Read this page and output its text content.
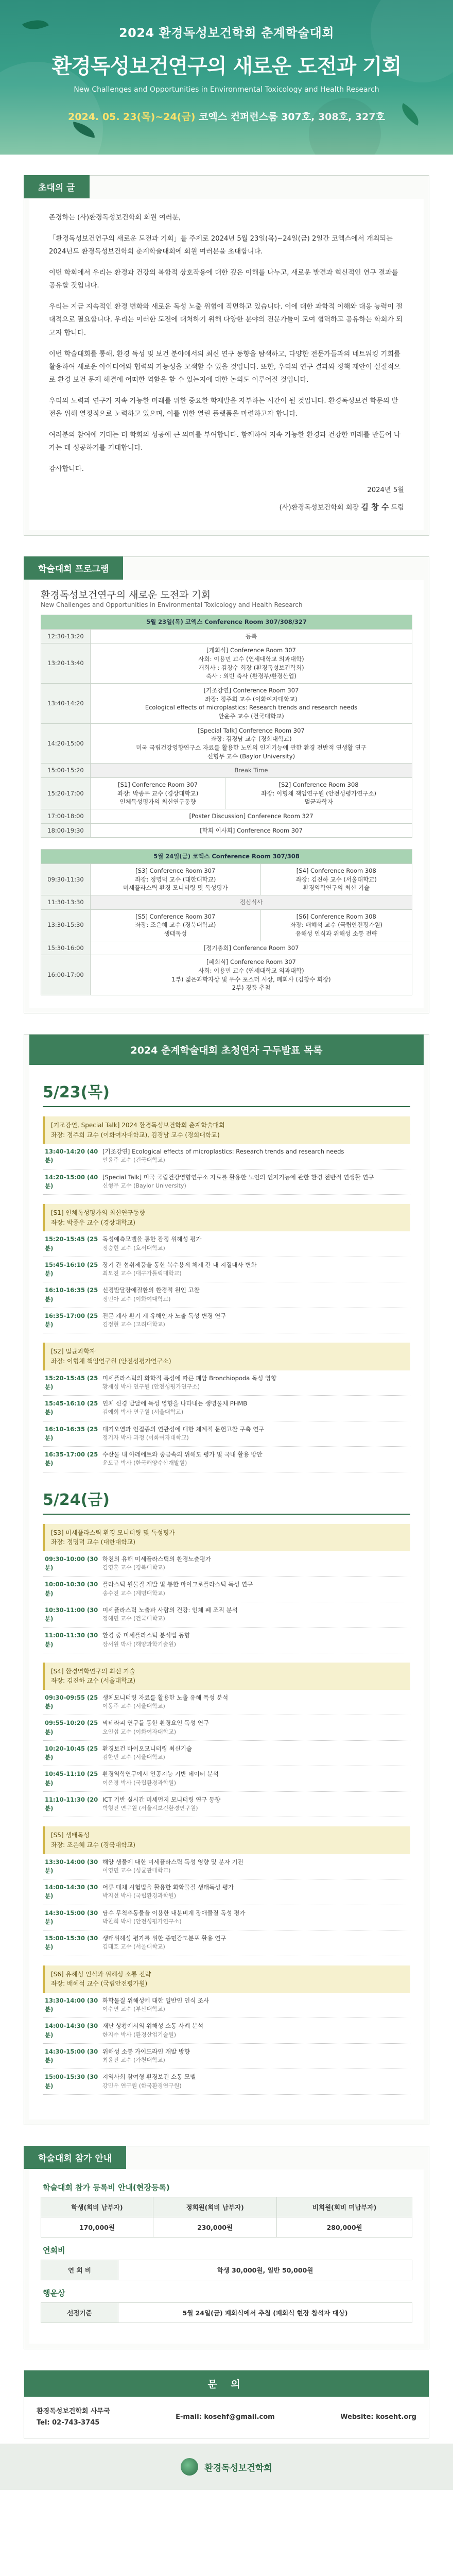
2024 환경독성보건학회 춘계학술대회
환경독성보건연구의 새로운 도전과 기회
New Challenges and Opportunities in Environmental Toxicology and Health Research
2024. 05. 23(목)~24(금) 코엑스 컨퍼런스룸 307호, 308호, 327호
초대의 글

존경하는 (사)환경독성보건학회 회원 여러분,

「환경독성보건연구의 새로운 도전과 기회」를 주제로 2024년 5월 23일(목)~24일(금) 2일간 코엑스에서 개최되는 2024년도 환경독성보건학회 춘계학술대회에 회원 여러분을 초대합니다.

이번 학회에서 우리는 환경과 건강의 복합적 상호작용에 대한 깊은 이해를 나누고, 새로운 발견과 혁신적인 연구 결과를 공유할 것입니다.

우리는 지금 지속적인 환경 변화와 새로운 독성 노출 위협에 직면하고 있습니다. 이에 대한 과학적 이해와 대응 능력이 절대적으로 필요합니다. 우리는 이러한 도전에 대처하기 위해 다양한 분야의 전문가들이 모여 협력하고 공유하는 학회가 되고자 합니다.

이번 학술대회를 통해, 환경 독성 및 보건 분야에서의 최신 연구 동향을 탐색하고, 다양한 전문가들과의 네트워킹 기회를 활용하여 새로운 아이디어와 협력의 가능성을 모색할 수 있을 것입니다. 또한, 우리의 연구 결과와 정책 제안이 실질적으로 환경 보건 문제 해결에 어떠한 역할을 할 수 있는지에 대한 논의도 이루어질 것입니다.

우리의 노력과 연구가 지속 가능한 미래를 위한 중요한 학제발을 자부하는 시간이 될 것입니다. 환경독성보건 학문의 발전을 위해 열정적으로 노력하고 있으며, 이를 위한 열린 플랫폼을 마련하고자 합니다.

여러분의 참여에 기대는 더 학회의 성공에 큰 의미를 부여합니다. 함께하여 지속 가능한 환경과 건강한 미래를 만들어 나가는 데 성공하기를 기대합니다.

감사합니다.

2024년 5월
(사)환경독성보건학회 회장 김 창 수 드림
학술대회 프로그램
환경독성보건연구의 새로운 도전과 기회
New Challenges and Opportunities in Environmental Toxicology and Health Research
5월 23일(목) 코엑스 Conference Room 307/308/327		
12:30-13:20	등록	
13:20-13:40	[개회식] Conference Room 307
사회: 이용민 교수 (연세대학교 의과대학)
개회사 : 김창수 회장 (환경독성보건학회)
축사 : 외빈 축사 (환경부/환경산업)	
13:40-14:20	[기조강연] Conference Room 307
좌장: 정주희 교수 (이화여자대학교)
Ecological effects of microplastics: Research trends and research needs
안윤주 교수 (건국대학교)	
14:20-15:00	[Special Talk] Conference Room 307
좌장: 김경남 교수 (경희대학교)
미국 국립건강영향연구소 자료를 활용한 노인의 인지기능에 관한 환경 전반적 연생활 연구
신형무 교수 (Baylor University)	
15:00-15:20	Break Time	
15:20-17:00	[S1] Conference Room 307
좌장: 박종우 교수 (경상대학교)
인체독성평가의 최신연구동향	[S2] Conference Room 308
좌장: 이형채 책임연구원 (안전성평가연구소)
멀균과학자
17:00-18:00	[Poster Discussion] Conference Room 327	
18:00-19:30	[학회 이사회] Conference Room 307	
5월 24일(금) 코엑스 Conference Room 307/308		
09:30-11:30	[S3] Conference Room 307
좌장: 정명덕 교수 (대한대학교)
미세플라스틱 환경 모니터링 및 독성평가	[S4] Conference Room 308
좌장: 김진하 교수 (서울대학교)
환경역학연구의 최신 기술
11:30-13:30	점심식사	
13:30-15:30	[S5] Conference Room 307
좌장: 조은혜 교수 (경북대학교)
생태독성	[S6] Conference Room 308
좌장: 배혜석 교수 (국립안전평가원)
유해성 인식과 위해성 소통 전략
15:30-16:00	[정기총회] Conference Room 307	
16:00-17:00	[폐회식] Conference Room 307
사회: 이용민 교수 (연세대학교 의과대학)
1부) 젊은과학자상 및 우수 포스터 시상, 폐회사 (김창수 회장)
2부) 경품 추첨	
2024 춘계학술대회 초청연자 구두발표 목록
5/23(목)
[기조강연, Special Talk] 2024 환경독성보건학회 춘계학술대회
좌장: 정주희 교수 (이화여자대학교), 김경남 교수 (경희대학교)
13:40-14:20 (40분)
[기조강연] Ecological effects of microplastics: Research trends and research needs
안윤주 교수 (건국대학교)
14:20-15:00 (40분)
[Special Talk] 미국 국립건강영향연구소 자료를 활용한 노인의 인지기능에 관한 환경 전반적 연생활 연구
신형무 교수 (Baylor University)
[S1] 인체독성평가의 최신연구동향
좌장: 박종우 교수 (경상대학교)
15:20-15:45 (25분)
독성예측모델을 통한 잠정 위해성 평가
정승현 교수 (호서대학교)
15:45-16:10 (25분)
장기 간 섭취제품을 통한 복수용제 체계 간 내 지질대사 변화
최모진 교수 (대구가톨릭대학교)
16:10-16:35 (25분)
신경발달장애질환의 환경적 원인 고찰
정민아 교수 (이화여대학교)
16:35-17:00 (25분)
전문 계사 환기 계 유해인자 노출 독성 변경 연구
김정현 교수 (고려대학교)
[S2] 멀균과학자
좌장: 이형채 책임연구원 (안전성평가연구소)
15:20-15:45 (25분)
미세플라스틱의 화학적 특성에 따른 폐암 Bronchiopoda 독성 영향
황재성 박사 연구원 (안전성평가연구소)
15:45-16:10 (25분)
인체 신경 발달에 독성 영향을 나타내는 생명물체 PHMB
김예희 박사 연구원 (서울대학교)
16:10-16:35 (25분)
대기오염과 인접종의 연관성에 대한 체계적 문헌고찰 구축 연구
정기자 박사 과정 (이화여자대학교)
16:35-17:00 (25분)
수산물 내 아레에트와 중금속의 위해도 평가 및 국내 활용 방안
윤도규 박사 (한국해양수산개발원)
5/24(금)
[S3] 미세플라스틱 환경 모니터링 및 독성평가
좌장: 정명덕 교수 (대한대학교)
09:30-10:00 (30분)
하천의 유해 미세플라스틱의 환경노출평가
김영훈 교수 (경북대학교)
10:00-10:30 (30분)
플라스틱 원물질 개발 및 통한 마이크로플라스틱 독성 연구
송수진 교수 (계명대학교)
10:30-11:00 (30분)
미세플라스틱 노출과 사람의 건강: 인체 폐 조직 분석
정혜민 교수 (건국대학교)
11:00-11:30 (30분)
환경 중 미세플라스틱 분석법 동향
장서원 박사 (해양과학기술원)
[S4] 환경역학연구의 최신 기술
좌장: 김진하 교수 (서울대학교)
09:30-09:55 (25분)
생체모니터링 자료를 활용한 노출 유해 특성 분석
이동주 교수 (서울대학교)
09:55-10:20 (25분)
막테라피 연구를 통한 환경요인 독성 연구
오인섭 교수 (이화여자대학교)
10:20-10:45 (25분)
환경보건 바이오모니터링 최신기술
김한빈 교수 (서울대학교)
10:45-11:10 (25분)
환경역학연구에서 인공지능 기반 데이터 분석
이은경 박사 (국립환경과학원)
11:10-11:30 (20분)
ICT 기반 실시간 미세먼지 모니터링 연구 동향
박형진 연구원 (서울시보건환경연구원)
[S5] 생태독성
좌장: 조은혜 교수 (경북대학교)
13:30-14:00 (30분)
해양 생물에 대한 미세플라스틱 독성 영향 및 분자 기전
이영민 교수 (성균관대학교)
14:00-14:30 (30분)
어류 대체 시험법을 활용한 화학물질 생태독성 평가
박지선 박사 (국립환경과학원)
14:30-15:00 (30분)
담수 무척추동물을 이용한 내분비계 장애물질 독성 평가
박찬희 박사 (안전성평가연구소)
15:00-15:30 (30분)
생태위해성 평가를 위한 종민감도분포 활용 연구
김태호 교수 (서울대학교)
[S6] 유해성 인식과 위해성 소통 전략
좌장: 배혜석 교수 (국립안전평가원)
13:30-14:00 (30분)
화학물질 위해성에 대한 일반인 인식 조사
이수연 교수 (부산대학교)
14:00-14:30 (30분)
재난 상황에서의 위해성 소통 사례 분석
한지수 박사 (환경산업기술원)
14:30-15:00 (30분)
위해성 소통 가이드라인 개발 방향
최윤진 교수 (가천대학교)
15:00-15:30 (30분)
지역사회 참여형 환경보건 소통 모델
강민우 연구원 (한국환경연구원)
학술대회 참가 안내
학술대회 참가 등록비 안내(현장등록)
학생(회비 납부자)	정회원(회비 납부자)	비회원(회비 미납부자)
170,000원	230,000원	280,000원
연회비
연 회 비	학생 30,000원, 일반 50,000원
행운상
선정기준	5월 24일(금) 폐회식에서 추첨 (폐회식 현장 참석자 대상)
문 의
환경독성보건학회 사무국
Tel: 02-743-3745
E-mail: kosehf@gmail.com	Website: koseht.org
환경독성보건학회
